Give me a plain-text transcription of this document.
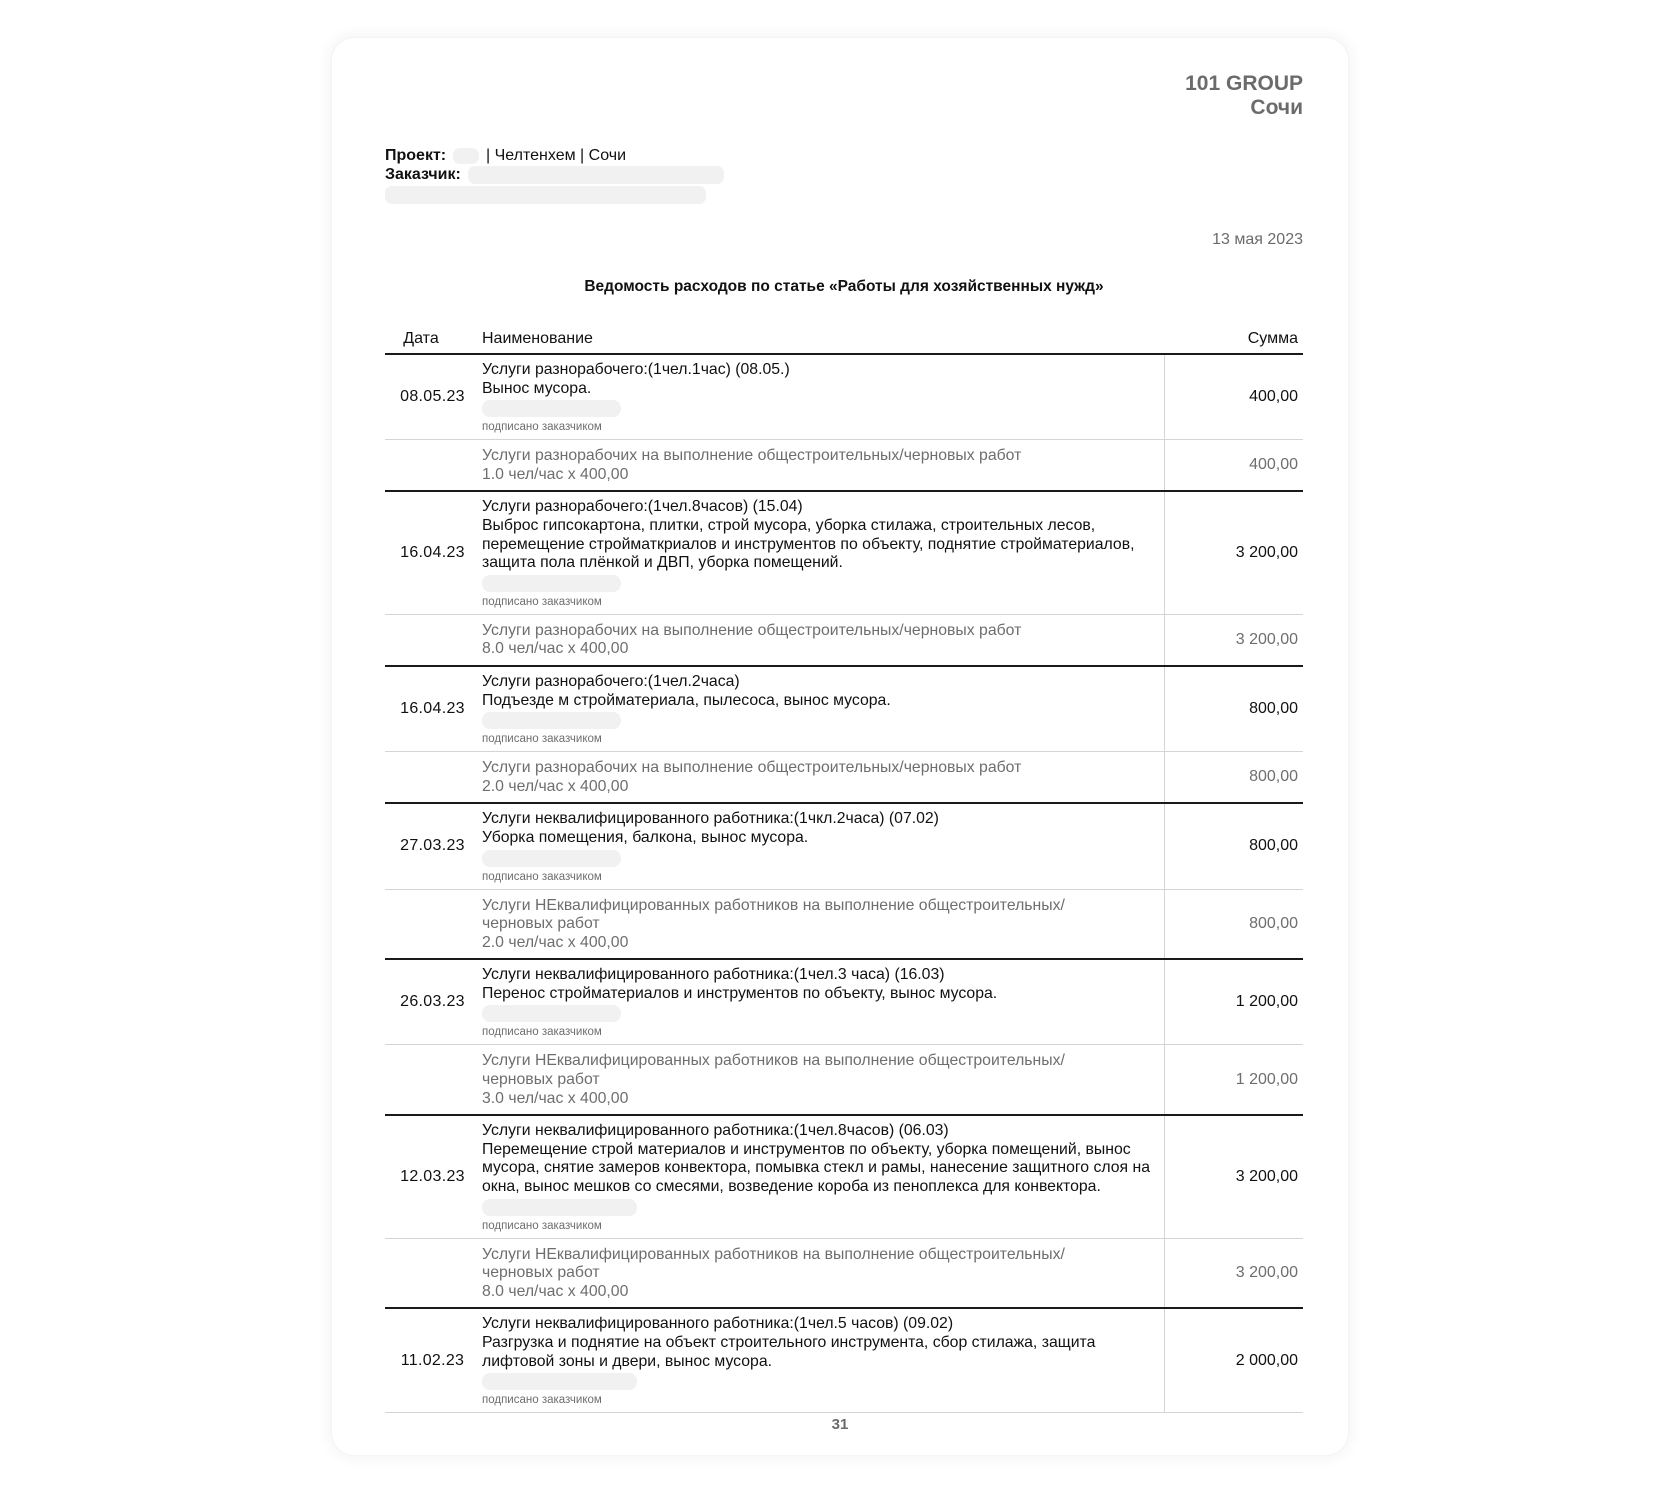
101 GROUP
Сочи
Проект: | Челтенхем | Сочи
Заказчик:
13 мая 2023
Ведомость расходов по статье «Работы для хозяйственных нужд»
Дата	Наименование	Сумма
08.05.23
Услуги разнорабочего:(1чел.1час) (08.05.)
Вынос мусора.
подписано заказчиком
400,00
Услуги разнорабочих на выполнение общестроительных/черновых работ
1.0 чел/час х 400,00
400,00
16.04.23
Услуги разнорабочего:(1чел.8часов) (15.04)
Выброс гипсокартона, плитки, строй мусора, уборка стилажа, строительных лесов, перемещение стройматкриалов и инструментов по объекту, поднятие стройматериалов, защита пола плёнкой и ДВП, уборка помещений.
подписано заказчиком
3 200,00
Услуги разнорабочих на выполнение общестроительных/черновых работ
8.0 чел/час х 400,00
3 200,00
16.04.23
Услуги разнорабочего:(1чел.2часа)
Подъезде м стройматериала, пылесоса, вынос мусора.
подписано заказчиком
800,00
Услуги разнорабочих на выполнение общестроительных/черновых работ
2.0 чел/час х 400,00
800,00
27.03.23
Услуги неквалифицированного работника:(1чкл.2часа) (07.02)
Уборка помещения, балкона, вынос мусора.
подписано заказчиком
800,00
Услуги НЕквалифицированных работников на выполнение общестроительных/ черновых работ
2.0 чел/час х 400,00
800,00
26.03.23
Услуги неквалифицированного работника:(1чел.3 часа) (16.03)
Перенос стройматериалов и инструментов по объекту, вынос мусора.
подписано заказчиком
1 200,00
Услуги НЕквалифицированных работников на выполнение общестроительных/ черновых работ
3.0 чел/час х 400,00
1 200,00
12.03.23
Услуги неквалифицированного работника:(1чел.8часов) (06.03)
Перемещение строй материалов и инструментов по объекту, уборка помещений, вынос мусора, снятие замеров конвектора, помывка стекл и рамы, нанесение защитного слоя на окна, вынос мешков со смесями, возведение короба из пеноплекса для конвектора.
подписано заказчиком
3 200,00
Услуги НЕквалифицированных работников на выполнение общестроительных/ черновых работ
8.0 чел/час х 400,00
3 200,00
11.02.23
Услуги неквалифицированного работника:(1чел.5 часов) (09.02)
Разгрузка и поднятие на объект строительного инструмента, сбор стилажа, защита лифтовой зоны и двери, вынос мусора.
подписано заказчиком
2 000,00
31
